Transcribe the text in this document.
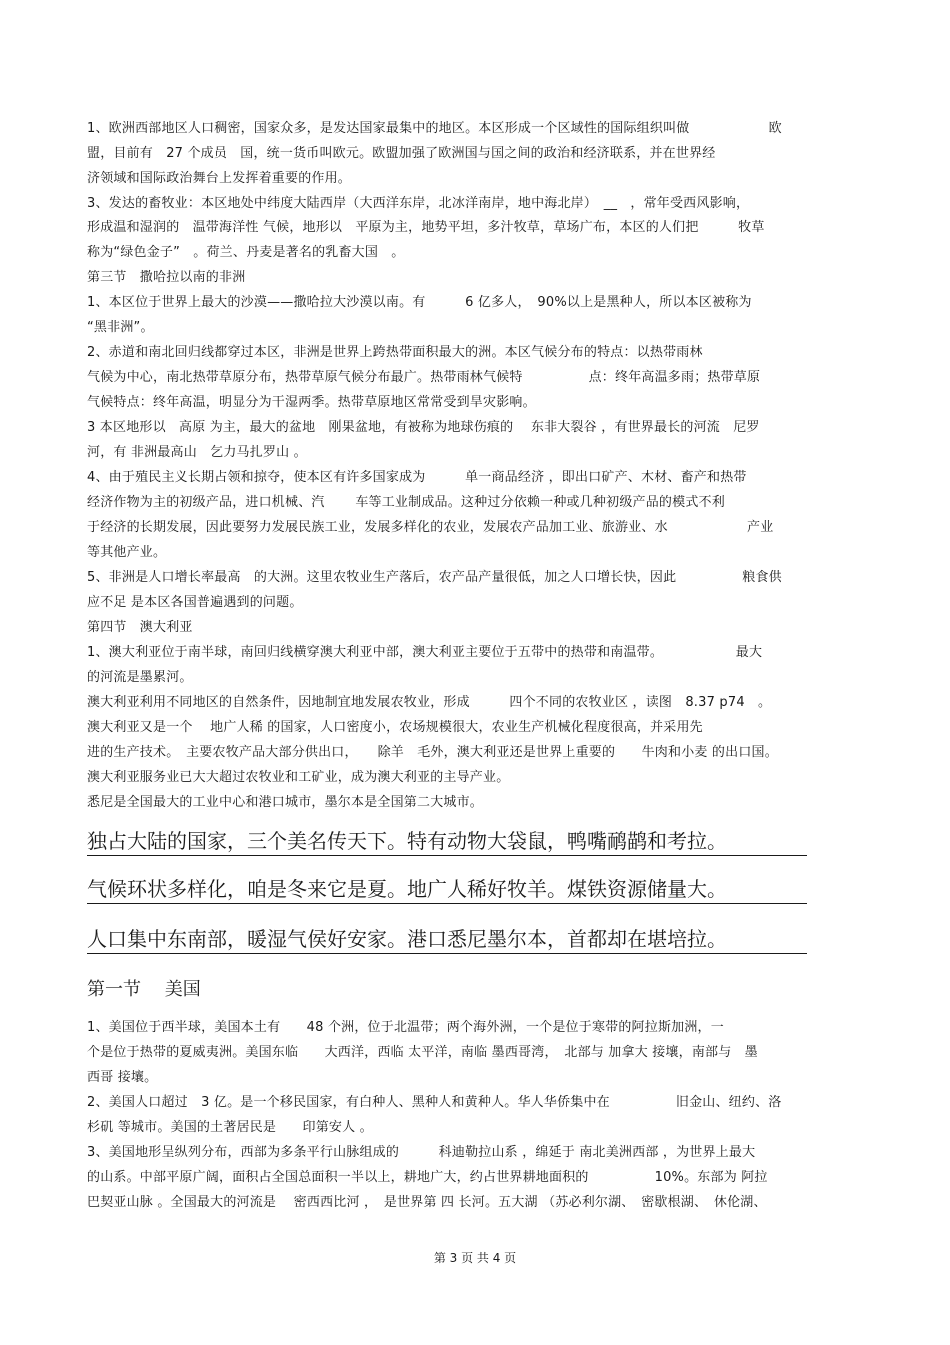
1、欧洲西部地区人口稠密，国家众多，是发达国家最集中的地区。本区形成一个区域性的国际组织叫做　　　　　　欧
盟，目前有　27 个成员　国，统一货币叫欧元。欧盟加强了欧洲国与国之间的政治和经济联系，并在世界经
济领域和国际政治舞台上发挥着重要的作用。
3、发达的畜牧业：本区地处中纬度大陆西岸（大西洋东岸，北冰洋南岸，地中海北岸）　__　，常年受西风影响，
形成温和湿润的　温带海洋性 气候，地形以　平原为主，地势平坦，多汁牧草，草场广布，本区的人们把　　　牧草
称为“绿色金子”　。荷兰、丹麦是著名的乳畜大国　。
第三节　撒哈拉以南的非洲
1、本区位于世界上最大的沙漠——撒哈拉大沙漠以南。有　　　6 亿多人，　90%以上是黑种人，所以本区被称为
“黑非洲”。
2、赤道和南北回归线都穿过本区，非洲是世界上跨热带面积最大的洲。本区气候分布的特点：以热带雨林
气候为中心，南北热带草原分布，热带草原气候分布最广。热带雨林气候特　　　　　点：终年高温多雨；热带草原
气候特点：终年高温，明显分为干湿两季。热带草原地区常常受到旱灾影响。
3 本区地形以　高原 为主，最大的盆地　刚果盆地，有被称为地球伤痕的　 东非大裂谷 ，有世界最长的河流　尼罗
河，有 非洲最高山　乞力马扎罗山 。
4、由于殖民主义长期占领和掠夺，使本区有许多国家成为　　　单一商品经济 ，即出口矿产、木材、畜产和热带
经济作物为主的初级产品，进口机械、汽　　 车等工业制成品。这种过分依赖一种或几种初级产品的模式不利
于经济的长期发展，因此要努力发展民族工业，发展多样化的农业，发展农产品加工业、旅游业、水　　　　　　产业
等其他产业。
5、非洲是人口增长率最高　的大洲。这里农牧业生产落后，农产品产量很低，加之人口增长快，因此　　　　　粮食供
应不足 是本区各国普遍遇到的问题。
第四节　澳大利亚
1、澳大利亚位于南半球，南回归线横穿澳大利亚中部，澳大利亚主要位于五带中的热带和南温带。　　　　　　最大
的河流是墨累河。
澳大利亚利用不同地区的自然条件，因地制宜地发展农牧业，形成　　　四个不同的农牧业区 ，读图　8.37 p74　。
澳大利亚又是一个　 地广人稀 的国家，人口密度小，农场规模很大，农业生产机械化程度很高，并采用先
进的生产技术。　主要农牧产品大部分供出口，　　除羊　毛外，澳大利亚还是世界上重要的　　牛肉和小麦 的出口国。
澳大利亚服务业已大大超过农牧业和工矿业，成为澳大利亚的主导产业。
悉尼是全国最大的工业中心和港口城市，墨尔本是全国第二大城市。
独占大陆的国家，三个美名传天下。特有动物大袋鼠，鸭嘴鸸鹋和考拉。
气候环状多样化，咱是冬来它是夏。地广人稀好牧羊。煤铁资源储量大。
人口集中东南部，暖湿气侯好安家。港口悉尼墨尔本，首都却在堪培拉。
第一节　 美国
1、美国位于西半球，美国本土有　　48 个洲，位于北温带；两个海外洲，一个是位于寒带的阿拉斯加洲，一
个是位于热带的夏威夷洲。美国东临　　大西洋，西临 太平洋，南临 墨西哥湾，　北部与 加拿大 接壤，南部与　墨
西哥 接壤。
2、美国人口超过　3 亿。是一个移民国家，有白种人、黑种人和黄种人。华人华侨集中在　　　　　旧金山、纽约、洛
杉矶 等城市。美国的土著居民是　　印第安人 。
3、美国地形呈纵列分布，西部为多条平行山脉组成的　　　科迪勒拉山系 ，绵延于 南北美洲西部 ，为世界上最大
的山系。中部平原广阔，面积占全国总面积一半以上，耕地广大，约占世界耕地面积的　　　　　10%。东部为 阿拉
巴契亚山脉 。全国最大的河流是　 密西西比河 ，　是世界第 四 长河。五大湖 （苏必利尔湖、　密歇根湖、　休伦湖、
第 3 页 共 4 页
